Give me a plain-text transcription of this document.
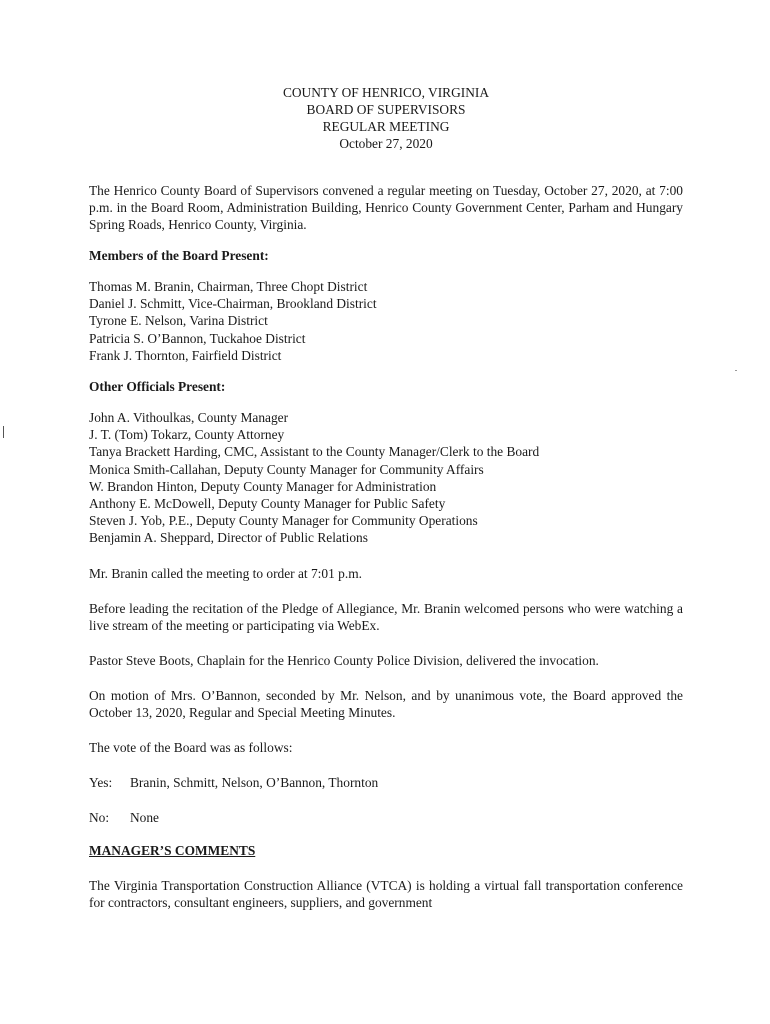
COUNTY OF HENRICO, VIRGINIA
BOARD OF SUPERVISORS
REGULAR MEETING
October 27, 2020

The Henrico County Board of Supervisors convened a regular meeting on Tuesday, October 27, 2020, at 7:00 p.m. in the Board Room, Administration Building, Henrico County Government Center, Parham and Hungary Spring Roads, Henrico County, Virginia.

Members of the Board Present:
Thomas M. Branin, Chairman, Three Chopt District
Daniel J. Schmitt, Vice-Chairman, Brookland District
Tyrone E. Nelson, Varina District
Patricia S. O’Bannon, Tuckahoe District
Frank J. Thornton, Fairfield District
Other Officials Present:
John A. Vithoulkas, County Manager
J. T. (Tom) Tokarz, County Attorney
Tanya Brackett Harding, CMC, Assistant to the County Manager/Clerk to the Board
Monica Smith-Callahan, Deputy County Manager for Community Affairs
W. Brandon Hinton, Deputy County Manager for Administration
Anthony E. McDowell, Deputy County Manager for Public Safety
Steven J. Yob, P.E., Deputy County Manager for Community Operations
Benjamin A. Sheppard, Director of Public Relations

Mr. Branin called the meeting to order at 7:01 p.m.

Before leading the recitation of the Pledge of Allegiance, Mr. Branin welcomed persons who were watching a live stream of the meeting or participating via WebEx.

Pastor Steve Boots, Chaplain for the Henrico County Police Division, delivered the invocation.

On motion of Mrs. O’Bannon, seconded by Mr. Nelson, and by unanimous vote, the Board approved the October 13, 2020, Regular and Special Meeting Minutes.

The vote of the Board was as follows:

Yes: Branin, Schmitt, Nelson, O’Bannon, Thornton
No: None
MANAGER’S COMMENTS

The Virginia Transportation Construction Alliance (VTCA) is holding a virtual fall transportation conference for contractors, consultant engineers, suppliers, and government
